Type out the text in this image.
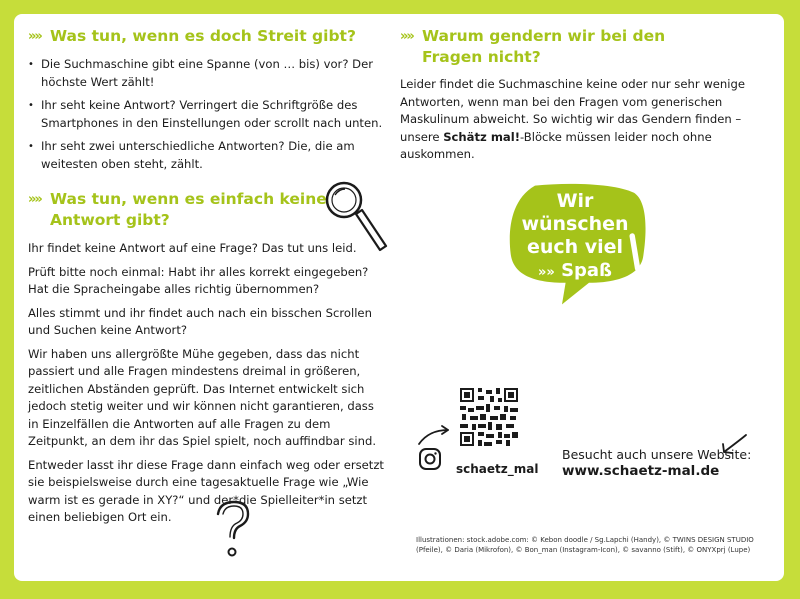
»» Was tun, wenn es doch Streit gibt?
• Die Suchmaschine gibt eine Spanne (von … bis) vor? Der höchste Wert zählt!
• Ihr seht keine Antwort? Verringert die Schriftgröße des Smartphones in den Einstellungen oder scrollt nach unten.
• Ihr seht zwei unterschiedliche Antworten? Die, die am weitesten oben steht, zählt.
»» Was tun, wenn es einfach keine Antwort gibt?

Ihr findet keine Antwort auf eine Frage? Das tut uns leid.

Prüft bitte noch einmal: Habt ihr alles korrekt eingegeben? Hat die Spracheingabe alles richtig übernommen?

Alles stimmt und ihr findet auch nach ein bisschen Scrollen und Suchen keine Antwort?

Wir haben uns allergrößte Mühe gegeben, dass das nicht passiert und alle Fragen mindestens dreimal in größeren, zeitlichen Abständen geprüft. Das Internet entwickelt sich jedoch stetig weiter und wir können nicht garantieren, dass in Einzelfällen die Antworten auf alle Fragen zu dem Zeitpunkt, an dem ihr das Spiel spielt, noch auffindbar sind.

Entweder lasst ihr diese Frage dann einfach weg oder ersetzt sie beispielsweise durch eine tagesaktuelle Frage wie „Wie warm ist es gerade in XY?“ und der*die Spielleiter*in setzt einen beliebigen Ort ein.

»» Warum gendern wir bei den Fragen nicht?

Leider findet die Suchmaschine keine oder nur sehr wenige Antworten, wenn man bei den Fragen vom generischen Maskulinum abweicht. So wichtig wir das Gendern finden – unsere Schätz mal!-Blöcke müssen leider noch ohne auskommen.

Wir
wünschen
euch viel
»» Spaß
schaetz_mal
Besucht auch unsere Website:
www.schaetz-mal.de
Illustrationen: stock.adobe.com: © Kebon doodle / Sg.Lapchi (Handy), © TWINS DESIGN STUDIO (Pfeile), © Daria (Mikrofon), © Bon_man (Instagram-Icon), © savanno (Stift), © ONYXprj (Lupe)
